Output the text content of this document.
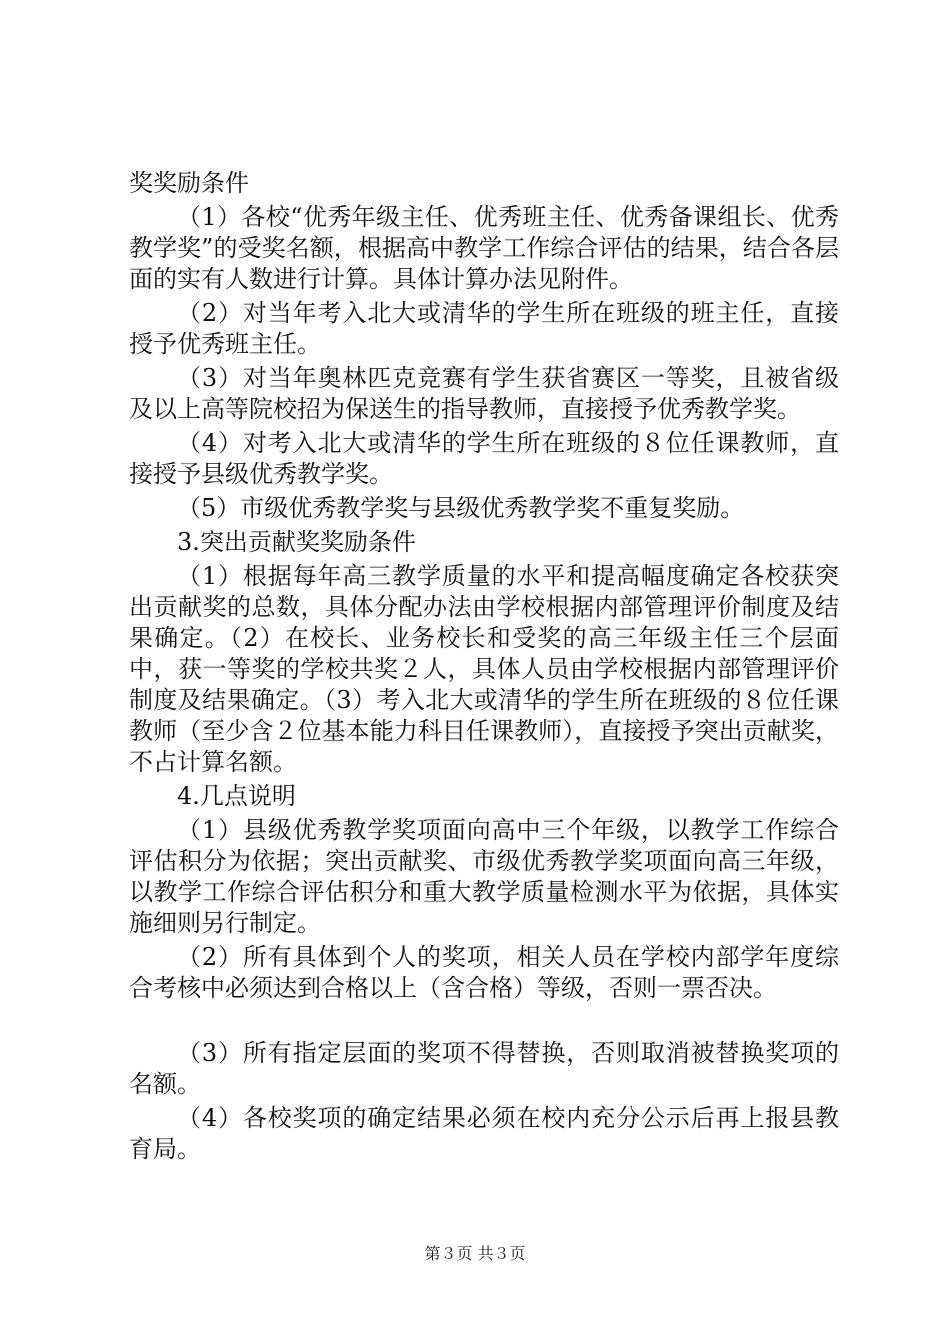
奖奖励条件

（1）各校“优秀年级主任、优秀班主任、优秀备课组长、优秀教学奖”的受奖名额，根据高中教学工作综合评估的结果，结合各层面的实有人数进行计算。具体计算办法见附件。

（2）对当年考入北大或清华的学生所在班级的班主任，直接授予优秀班主任。

（3）对当年奥林匹克竞赛有学生获省赛区一等奖，且被省级及以上高等院校招为保送生的指导教师，直接授予优秀教学奖。

（4）对考入北大或清华的学生所在班级的８位任课教师，直接授予县级优秀教学奖。

（5）市级优秀教学奖与县级优秀教学奖不重复奖励。

3.突出贡献奖奖励条件

（1）根据每年高三教学质量的水平和提高幅度确定各校获突出贡献奖的总数，具体分配办法由学校根据内部管理评价制度及结果确定。（2）在校长、业务校长和受奖的高三年级主任三个层面中，获一等奖的学校共奖２人，具体人员由学校根据内部管理评价制度及结果确定。（3）考入北大或清华的学生所在班级的８位任课教师（至少含２位基本能力科目任课教师），直接授予突出贡献奖，不占计算名额。

4.几点说明

（1）县级优秀教学奖项面向高中三个年级，以教学工作综合评估积分为依据；突出贡献奖、市级优秀教学奖项面向高三年级，以教学工作综合评估积分和重大教学质量检测水平为依据，具体实施细则另行制定。

（2）所有具体到个人的奖项，相关人员在学校内部学年度综合考核中必须达到合格以上（含合格）等级，否则一票否决。

（3）所有指定层面的奖项不得替换，否则取消被替换奖项的名额。

（4）各校奖项的确定结果必须在校内充分公示后再上报县教育局。

第３页 共３页
